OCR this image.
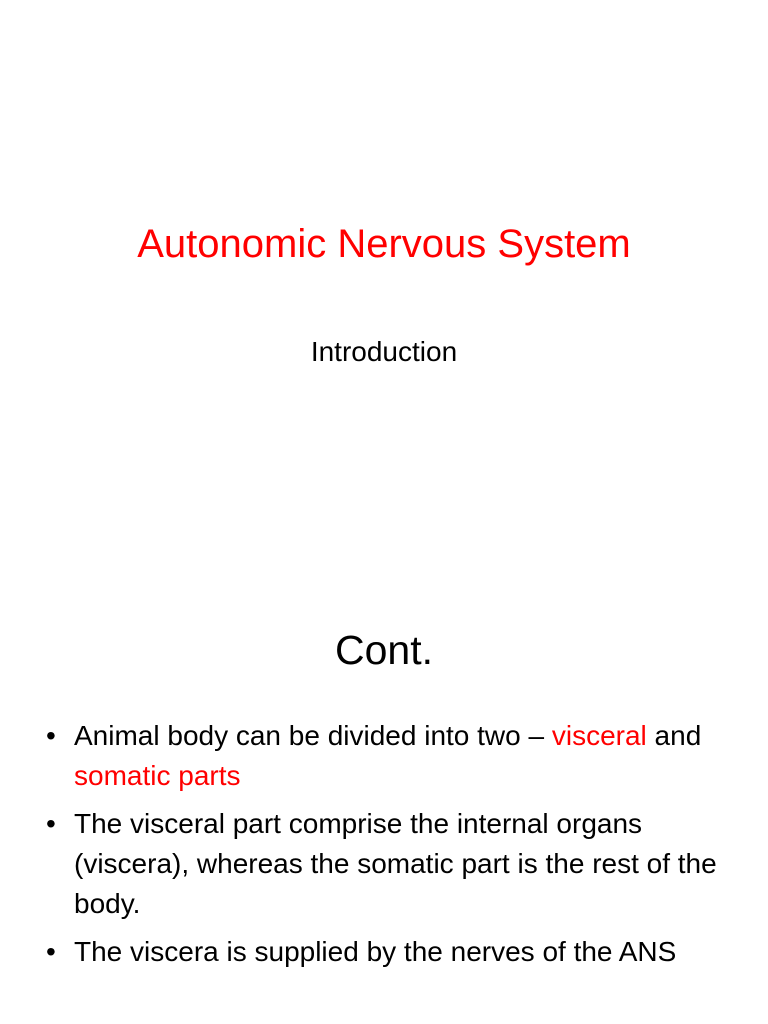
Autonomic Nervous System

Introduction

Cont.
• Animal body can be divided into two – visceral and somatic parts
• The visceral part comprise the internal organs (viscera), whereas the somatic part is the rest of the body.
• The viscera is supplied by the nerves of the ANS
